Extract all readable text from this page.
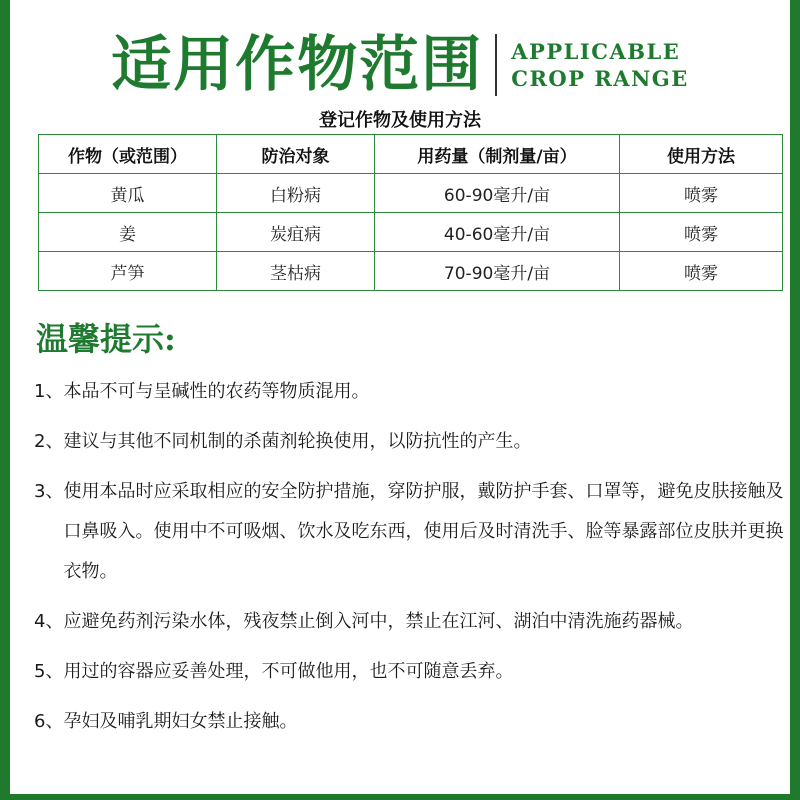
适用作物范围 APPLICABLE
CROP RANGE
登记作物及使用方法
作物（或范围）	防治对象	用药量（制剂量/亩）	使用方法
黄瓜	白粉病	60-90毫升/亩	喷雾
姜	炭疽病	40-60毫升/亩	喷雾
芦笋	茎枯病	70-90毫升/亩	喷雾
温馨提示:
1、 本品不可与呈碱性的农药等物质混用。
2、 建议与其他不同机制的杀菌剂轮换使用，以防抗性的产生。
3、 使用本品时应采取相应的安全防护措施，穿防护服，戴防护手套、口罩等，避免皮肤接触及口鼻吸入。使用中不可吸烟、饮水及吃东西，使用后及时清洗手、脸等暴露部位皮肤并更换衣物。
4、 应避免药剂污染水体，残夜禁止倒入河中，禁止在江河、湖泊中清洗施药器械。
5、 用过的容器应妥善处理，不可做他用，也不可随意丢弃。
6、 孕妇及哺乳期妇女禁止接触。
